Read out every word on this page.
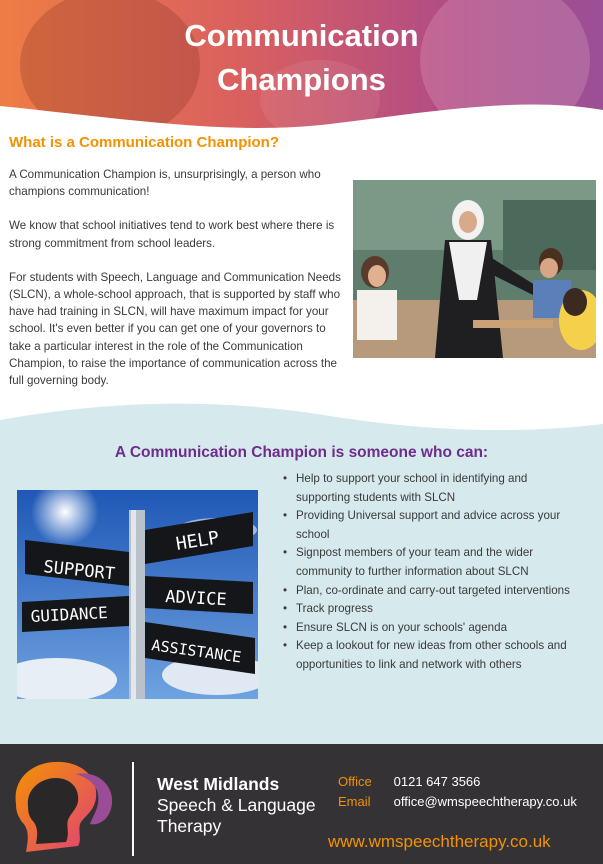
Communication
Champions
What is a Communication Champion?

A Communication Champion is, unsurprisingly, a person who champions communication!

We know that school initiatives tend to work best where there is strong commitment from school leaders.

For students with Speech, Language and Communication Needs (SLCN), a whole-school approach, that is supported by staff who have had training in SLCN, will have maximum impact for your school. It's even better if you can get one of your governors to take a particular interest in the role of the Communication Champion, to raise the importance of communication across the full governing body.

A Communication Champion is someone who can:
SUPPORT
HELP
GUIDANCE
ADVICE
ASSISTANCE
• Help to support your school in identifying and supporting students with SLCN
• Providing Universal support and advice across your school
• Signpost members of your team and the wider community to further information about SLCN
• Plan, co-ordinate and carry-out targeted interventions
• Track progress
• Ensure SLCN is on your schools' agenda
• Keep a lookout for new ideas from other schools and opportunities to link and network with others
West Midlands
Speech & Language
Therapy
Office 0121 647 3566
Email office@wmspeechtherapy.co.uk
www.wmspeechtherapy.co.uk
